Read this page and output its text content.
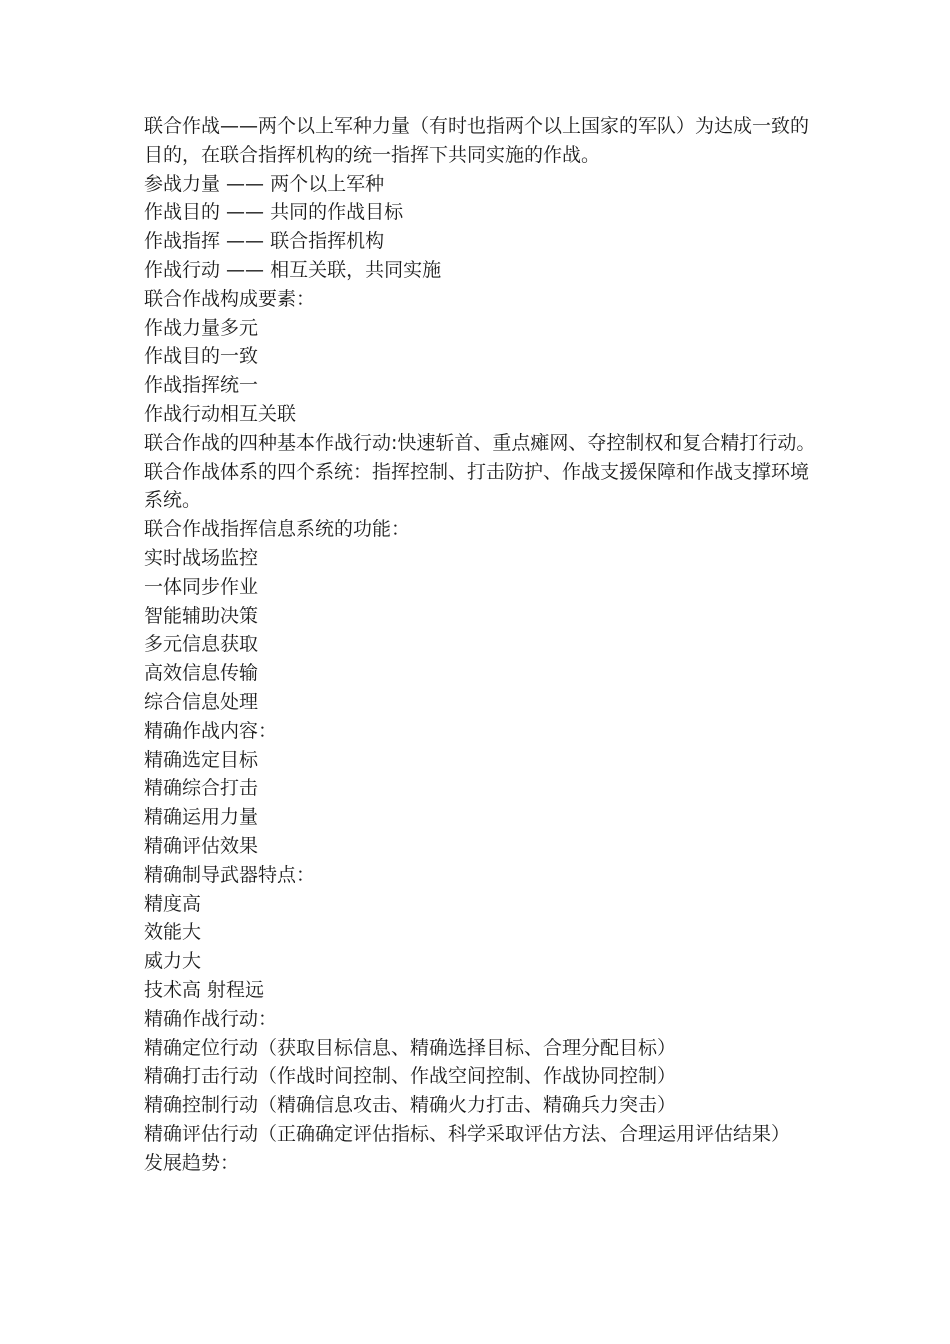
联合作战——两个以上军种力量（有时也指两个以上国家的军队）为达成一致的目的，在联合指挥机构的统一指挥下共同实施的作战。

参战力量 —— 两个以上军种

作战目的 —— 共同的作战目标

作战指挥 —— 联合指挥机构

作战行动 —— 相互关联，共同实施

联合作战构成要素：

作战力量多元

作战目的一致

作战指挥统一

作战行动相互关联

联合作战的四种基本作战行动:快速斩首、重点瘫网、夺控制权和复合精打行动。

联合作战体系的四个系统：指挥控制、打击防护、作战支援保障和作战支撑环境系统。

联合作战指挥信息系统的功能：

实时战场监控

一体同步作业

智能辅助决策

多元信息获取

高效信息传输

综合信息处理

精确作战内容：

精确选定目标

精确综合打击

精确运用力量

精确评估效果

精确制导武器特点：

精度高

效能大

威力大

技术高 射程远

精确作战行动：

精确定位行动（获取目标信息、精确选择目标、合理分配目标）

精确打击行动（作战时间控制、作战空间控制、作战协同控制）

精确控制行动（精确信息攻击、精确火力打击、精确兵力突击）

精确评估行动（正确确定评估指标、科学采取评估方法、合理运用评估结果）

发展趋势：
